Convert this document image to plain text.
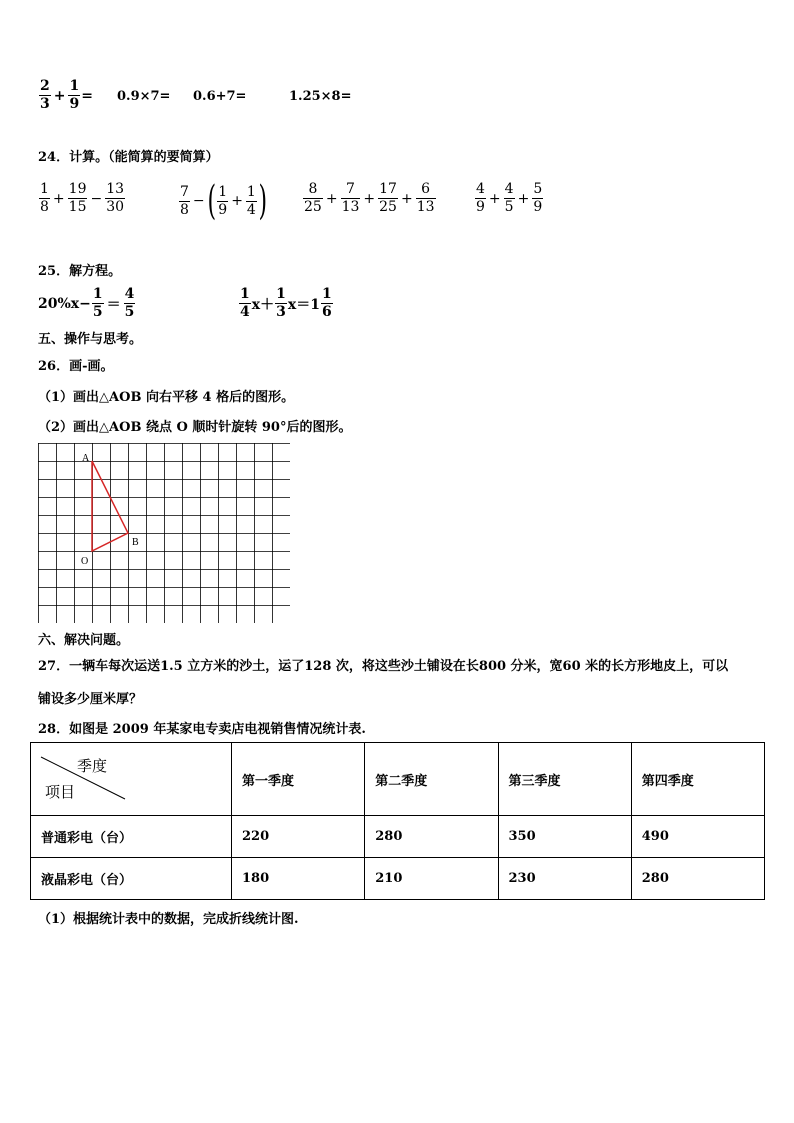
$\frac{2}{3} + \frac{1}{9} = 0.9\times 7= 0.6+7=$	1.25×8=
24．计算。（能简算的要简算）
$\frac{1}{8} + \frac{19}{15} - \frac{13}{30}$	$\frac{7}{8}$ − ( $\frac{1}{9} + \frac{1}{4}$ )	$\frac{8}{25} + \frac{7}{13} + \frac{17}{25} + \frac{6}{13}$	$\frac{4}{9} + \frac{4}{5} + \frac{5}{9}$
25．解方程。
$20\%x- \frac{1}{5} = \frac{4}{5}$	$\frac{1}{4} x+ \frac{1}{3} x=1 \frac{1}{6}$
五、操作与思考。
26．画-画。
（1）画出△AOB 向右平移 4 格后的图形。
（2）画出△AOB 绕点 O 顺时针旋转 90°后的图形。
A
B
O
六、解决问题。
27．一辆车每次运送1.5 立方米的沙土，运了128 次，将这些沙土铺设在长800 分米，宽60 米的长方形地皮上，可以
铺设多少厘米厚？
28．如图是 2009 年某家电专卖店电视销售情况统计表.
季度
项目	第一季度	第二季度	第三季度	第四季度
普通彩电（台）	220	280	350	490
液晶彩电（台）	180	210	230	280
（1）根据统计表中的数据，完成折线统计图.
